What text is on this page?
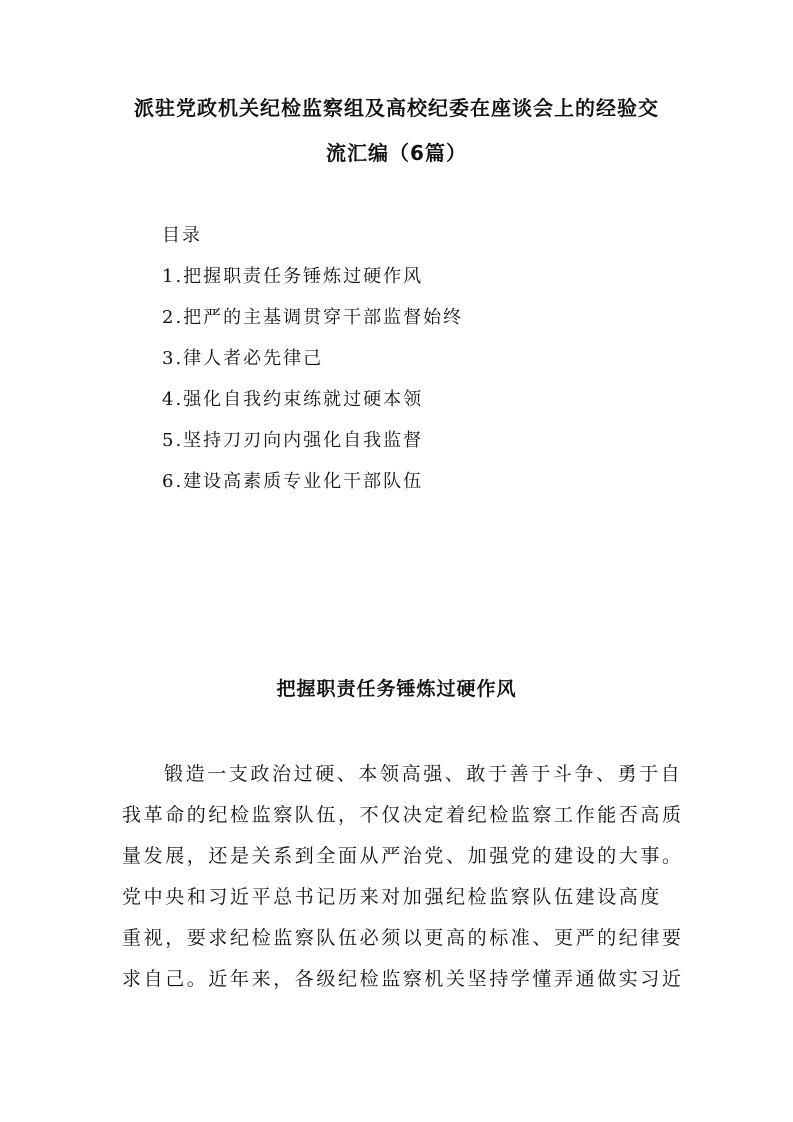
派驻党政机关纪检监察组及高校纪委在座谈会上的经验交
流汇编（6篇）
目录
1.把握职责任务锤炼过硬作风
2.把严的主基调贯穿干部监督始终
3.律人者必先律己
4.强化自我约束练就过硬本领
5.坚持刀刃向内强化自我监督
6.建设高素质专业化干部队伍
把握职责任务锤炼过硬作风

锻造一支政治过硬、本领高强、敢于善于斗争、勇于自
我革命的纪检监察队伍，不仅决定着纪检监察工作能否高质
量发展，还是关系到全面从严治党、加强党的建设的大事。
党中央和习近平总书记历来对加强纪检监察队伍建设高度
重视，要求纪检监察队伍必须以更高的标准、更严的纪律要
求自己。近年来，各级纪检监察机关坚持学懂弄通做实习近
